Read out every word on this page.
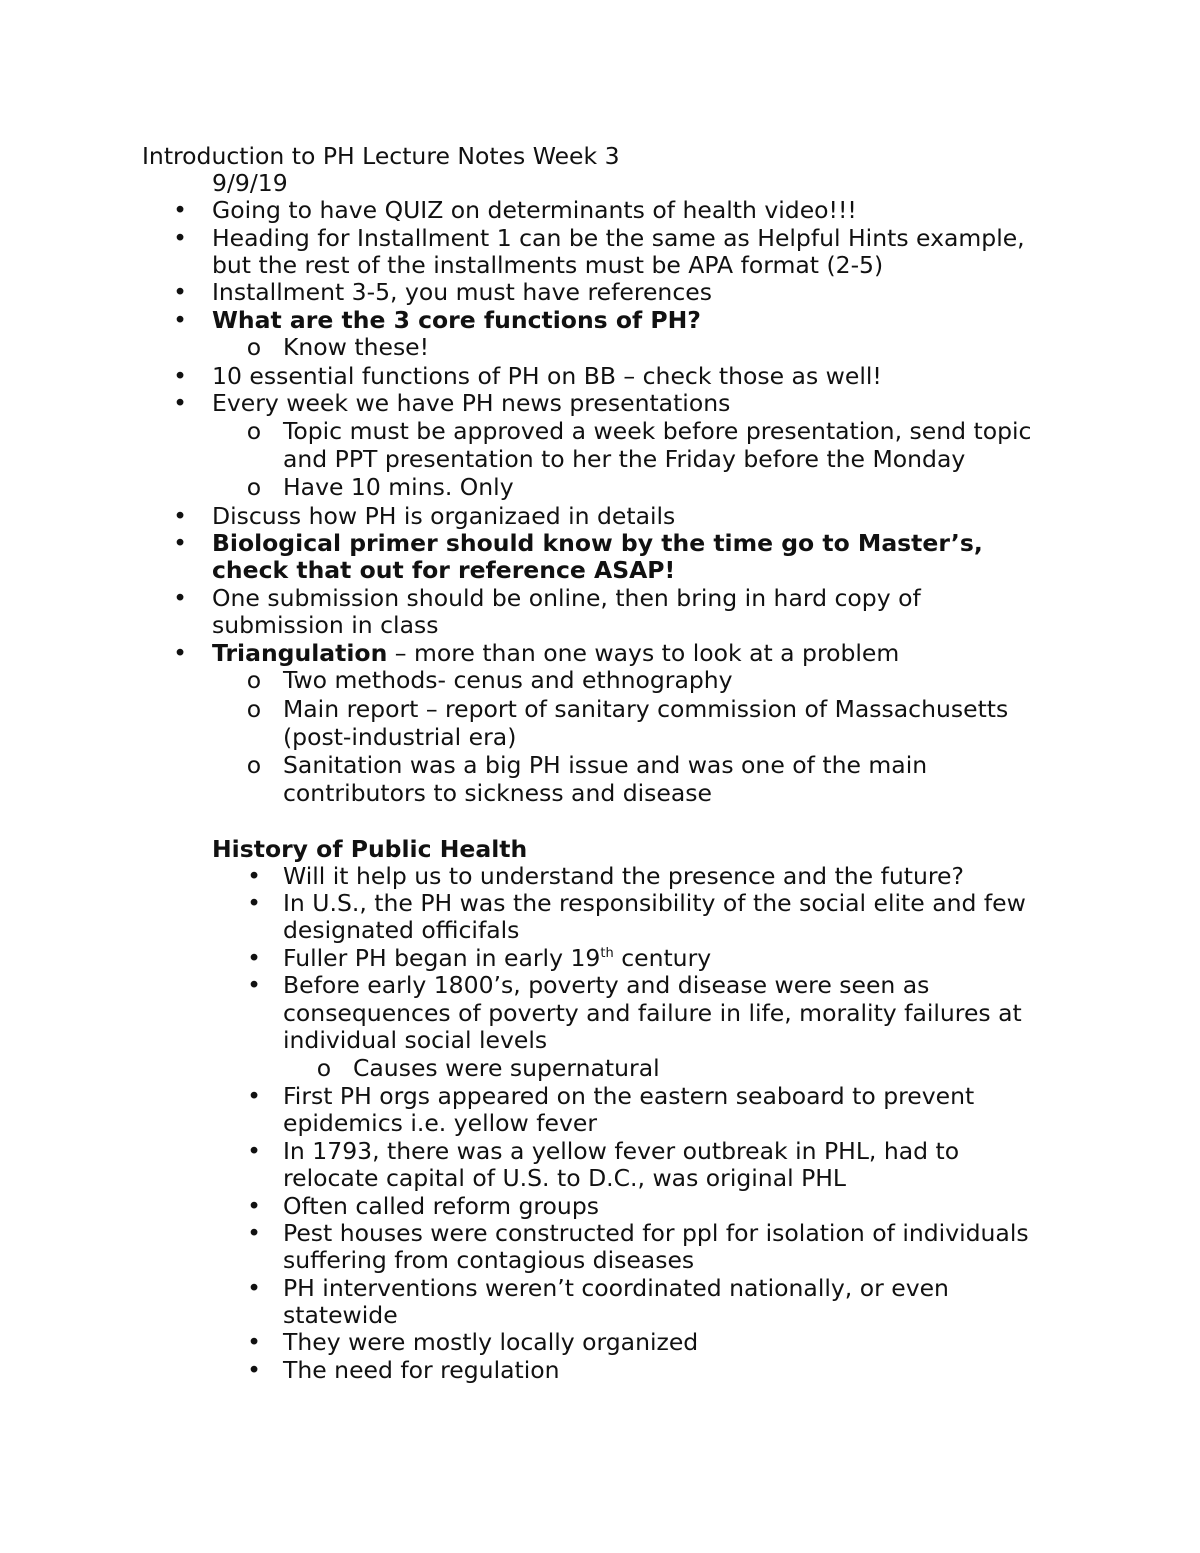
Introduction to PH Lecture Notes Week 3
9/9/19
• Going to have QUIZ on determinants of health video!!!
• Heading for Installment 1 can be the same as Helpful Hints example,
but the rest of the installments must be APA format (2-5)
• Installment 3-5, you must have references
• What are the 3 core functions of PH?
o Know these!
• 10 essential functions of PH on BB – check those as well!
• Every week we have PH news presentations
o Topic must be approved a week before presentation, send topic
and PPT presentation to her the Friday before the Monday
o Have 10 mins. Only
• Discuss how PH is organizaed in details
• Biological primer should know by the time go to Master’s,
check that out for reference ASAP!
• One submission should be online, then bring in hard copy of
submission in class
• Triangulation – more than one ways to look at a problem
o Two methods- cenus and ethnography
o Main report – report of sanitary commission of Massachusetts
(post-industrial era)
o Sanitation was a big PH issue and was one of the main
contributors to sickness and disease
History of Public Health
• Will it help us to understand the presence and the future?
• In U.S., the PH was the responsibility of the social elite and few
designated officifals
• Fuller PH began in early 19th century
• Before early 1800’s, poverty and disease were seen as
consequences of poverty and failure in life, morality failures at
individual social levels
o Causes were supernatural
• First PH orgs appeared on the eastern seaboard to prevent
epidemics i.e. yellow fever
• In 1793, there was a yellow fever outbreak in PHL, had to
relocate capital of U.S. to D.C., was original PHL
• Often called reform groups
• Pest houses were constructed for ppl for isolation of individuals
suffering from contagious diseases
• PH interventions weren’t coordinated nationally, or even
statewide
• They were mostly locally organized
• The need for regulation
